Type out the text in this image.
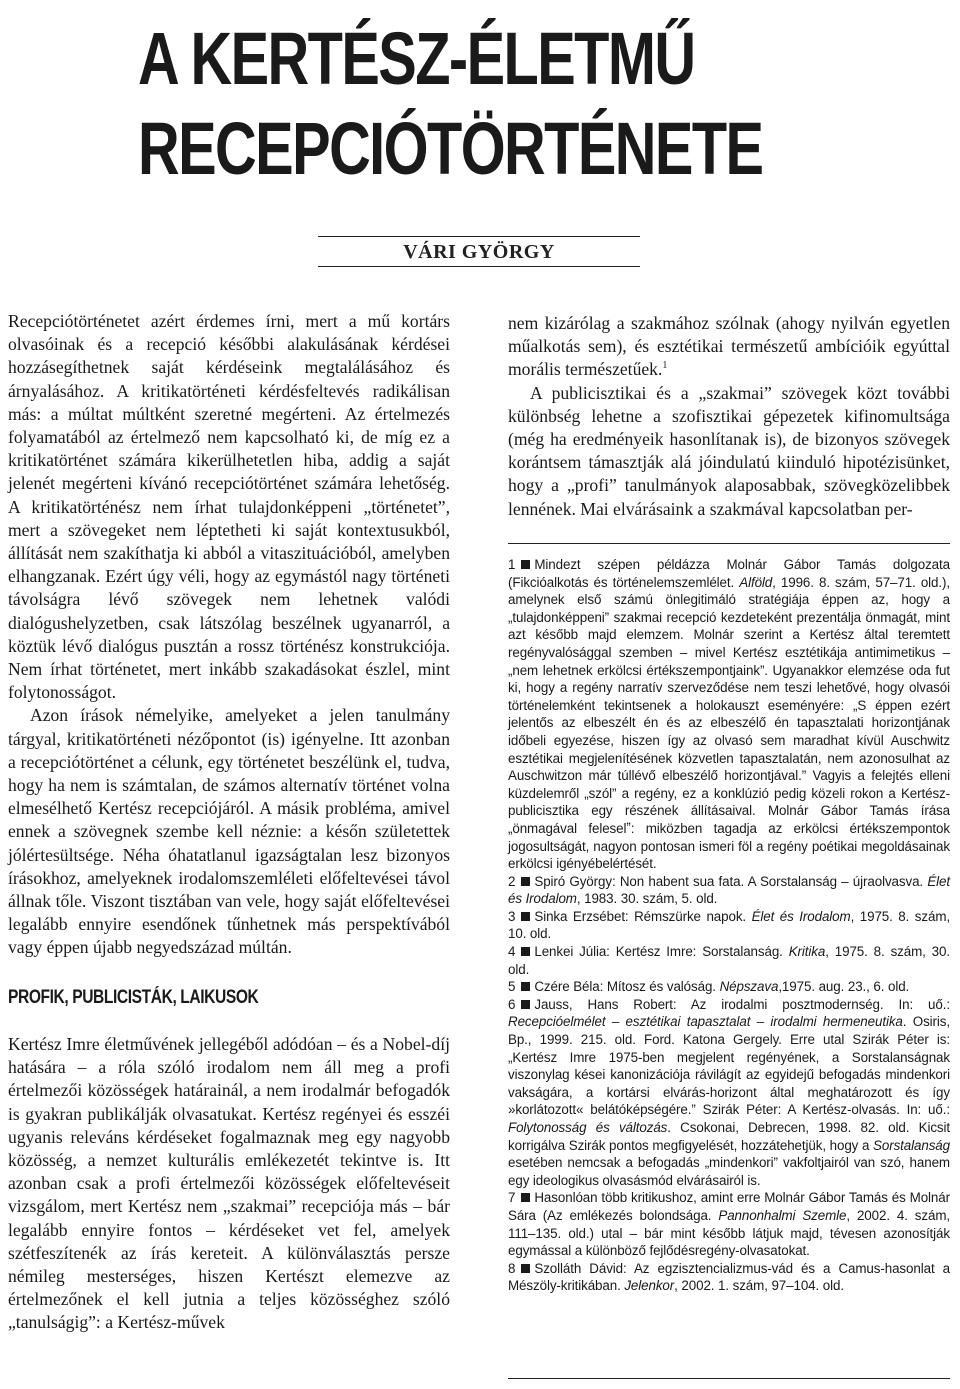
A KERTÉSZ-ÉLETMŰ
RECEPCIÓTÖRTÉNETE
VÁRI GYÖRGY

Recepciótörténetet azért érdemes írni, mert a mű kortárs olvasóinak és a recepció későbbi alakulásának kérdései hozzásegíthetnek saját kérdéseink megtalálásához és árnyalásához. A kritikatörténeti kérdésfeltevés radikálisan más: a múltat múltként szeretné megérteni. Az értelmezés folyamatából az értelmező nem kapcsolható ki, de míg ez a kritikatörténet számára kikerülhetetlen hiba, addig a saját jelenét megérteni kívánó recepciótörténet számára lehetőség. A kritikatörténész nem írhat tulajdonképpeni „történetet”, mert a szövegeket nem léptetheti ki saját kontextusukból, állítását nem szakíthatja ki abból a vitaszituációból, amelyben elhangzanak. Ezért úgy véli, hogy az egymástól nagy történeti távolságra lévő szövegek nem lehetnek valódi dialógushelyzetben, csak látszólag beszélnek ugyanarról, a köztük lévő dialógus pusztán a rossz történész konstrukciója. Nem írhat történetet, mert inkább szakadásokat észlel, mint folytonosságot.

Azon írások némelyike, amelyeket a jelen tanulmány tárgyal, kritikatörténeti nézőpontot (is) igényelne. Itt azonban a recepciótörténet a célunk, egy történetet beszélünk el, tudva, hogy ha nem is számtalan, de számos alternatív történet volna elmesélhető Kertész recepciójáról. A másik probléma, amivel ennek a szövegnek szembe kell néznie: a későn születettek jólértesültsége. Néha óhatatlanul igazságtalan lesz bizonyos írásokhoz, amelyeknek irodalomszemléleti előfeltevései távol állnak tőle. Viszont tisztában van vele, hogy saját előfeltevései legalább ennyire esendőnek tűnhetnek más perspektívából vagy éppen újabb negyedszázad múltán.

PROFIK, PUBLICISTÁK, LAIKUSOK

Kertész Imre életművének jellegéből adódóan – és a Nobel-díj hatására – a róla szóló irodalom nem áll meg a profi értelmezői közösségek határainál, a nem irodalmár befogadók is gyakran publikálják olvasatukat. Kertész regényei és esszéi ugyanis releváns kérdéseket fogalmaznak meg egy nagyobb közösség, a nemzet kulturális emlékezetét tekintve is. Itt azonban csak a profi értelmezői közösségek előfeltevéseit vizsgálom, mert Kertész nem „szakmai” recepciója más – bár legalább ennyire fontos – kérdéseket vet fel, amelyek szétfeszítenék az írás kereteit. A különválasztás persze némileg mesterséges, hiszen Kertészt elemezve az értelmezőnek el kell jutnia a teljes közösséghez szóló „tanulságig”: a Kertész-művek

nem kizárólag a szakmához szólnak (ahogy nyilván egyetlen műalkotás sem), és esztétikai természetű ambícióik egyúttal morális természetűek.$^1$

A publicisztikai és a „szakmai” szövegek közt további különbség lehetne a szofisztikai gépezetek kifinomultsága (még ha eredményeik hasonlítanak is), de bizonyos szövegek korántsem támasztják alá jóindulatú kiinduló hipotézisünket, hogy a „profi” tanulmányok alaposabbak, szövegközelibbek lennének. Mai elvárásaink a szakmával kapcsolatban per-

1 Mindezt szépen példázza Molnár Gábor Tamás dolgozata (Fikcióalkotás és történelemszemlélet. Alföld, 1996. 8. szám, 57–71. old.), amelynek első számú önlegitimáló stratégiája éppen az, hogy a „tulajdonképpeni” szakmai recepció kezdeteként prezentálja önmagát, mint azt később majd elemzem. Molnár szerint a Kertész által teremtett regényvalósággal szemben – mivel Kertész esztétikája antimimetikus – „nem lehetnek erkölcsi értékszempontjaink”. Ugyanakkor elemzése oda fut ki, hogy a regény narratív szerveződése nem teszi lehetővé, hogy olvasói történelemként tekintsenek a holokauszt eseményére: „S éppen ezért jelentős az elbeszélt én és az elbeszélő én tapasztalati horizontjának időbeli egyezése, hiszen így az olvasó sem maradhat kívül Auschwitz esztétikai megjelenítésének közvetlen tapasztalatán, nem azonosulhat az Auschwitzon már túllévő elbeszélő horizontjával.” Vagyis a felejtés elleni küzdelemről „szól” a regény, ez a konklúzió pedig közeli rokon a Kertész-publicisztika egy részének állításaival. Molnár Gábor Tamás írása „önmagával feleselˮ: miközben tagadja az erkölcsi értékszempontok jogosultságát, nagyon pontosan ismeri föl a regény poétikai megoldásainak erkölcsi igényébelértését.

2 Spiró György: Non habent sua fata. A Sorstalanság – újraolvasva. Élet és Irodalom, 1983. 30. szám, 5. old.

3 Sinka Erzsébet: Rémszürke napok. Élet és Irodalom, 1975. 8. szám, 10. old.

4 Lenkei Júlia: Kertész Imre: Sorstalanság. Kritika, 1975. 8. szám, 30. old.

5 Czére Béla: Mítosz és valóság. Népszava,1975. aug. 23., 6. old.

6 Jauss, Hans Robert: Az irodalmi posztmodernség. In: uő.: Recepcióelmélet – esztétikai tapasztalat – irodalmi hermeneutika. Osiris, Bp., 1999. 215. old. Ford. Katona Gergely. Erre utal Szirák Péter is: „Kertész Imre 1975-ben megjelent regényének, a Sorstalanságnak viszonylag kései kanonizációja rávilágít az egyidejű befogadás mindenkori vakságára, a kortársi elvárás-horizont által meghatározott és így »korlátozott« belátóképségére.” Szirák Péter: A Kertész-olvasás. In: uő.: Folytonosság és változás. Csokonai, Debrecen, 1998. 82. old. Kicsit korrigálva Szirák pontos megfigyelését, hozzátehetjük, hogy a Sorstalanság esetében nemcsak a befogadás „mindenkori” vakfoltjairól van szó, hanem egy ideologikus olvasásmód elvárásairól is.

7 Hasonlóan több kritikushoz, amint erre Molnár Gábor Tamás és Molnár Sára (Az emlékezés bolondsága. Pannonhalmi Szemle, 2002. 4. szám, 111–135. old.) utal – bár mint később látjuk majd, tévesen azonosítják egymással a különböző fejlődésregény-olvasatokat.

8 Szolláth Dávid: Az egzisztencializmus-vád és a Camus-hasonlat a Mészöly-kritikában. Jelenkor, 2002. 1. szám, 97–104. old.
